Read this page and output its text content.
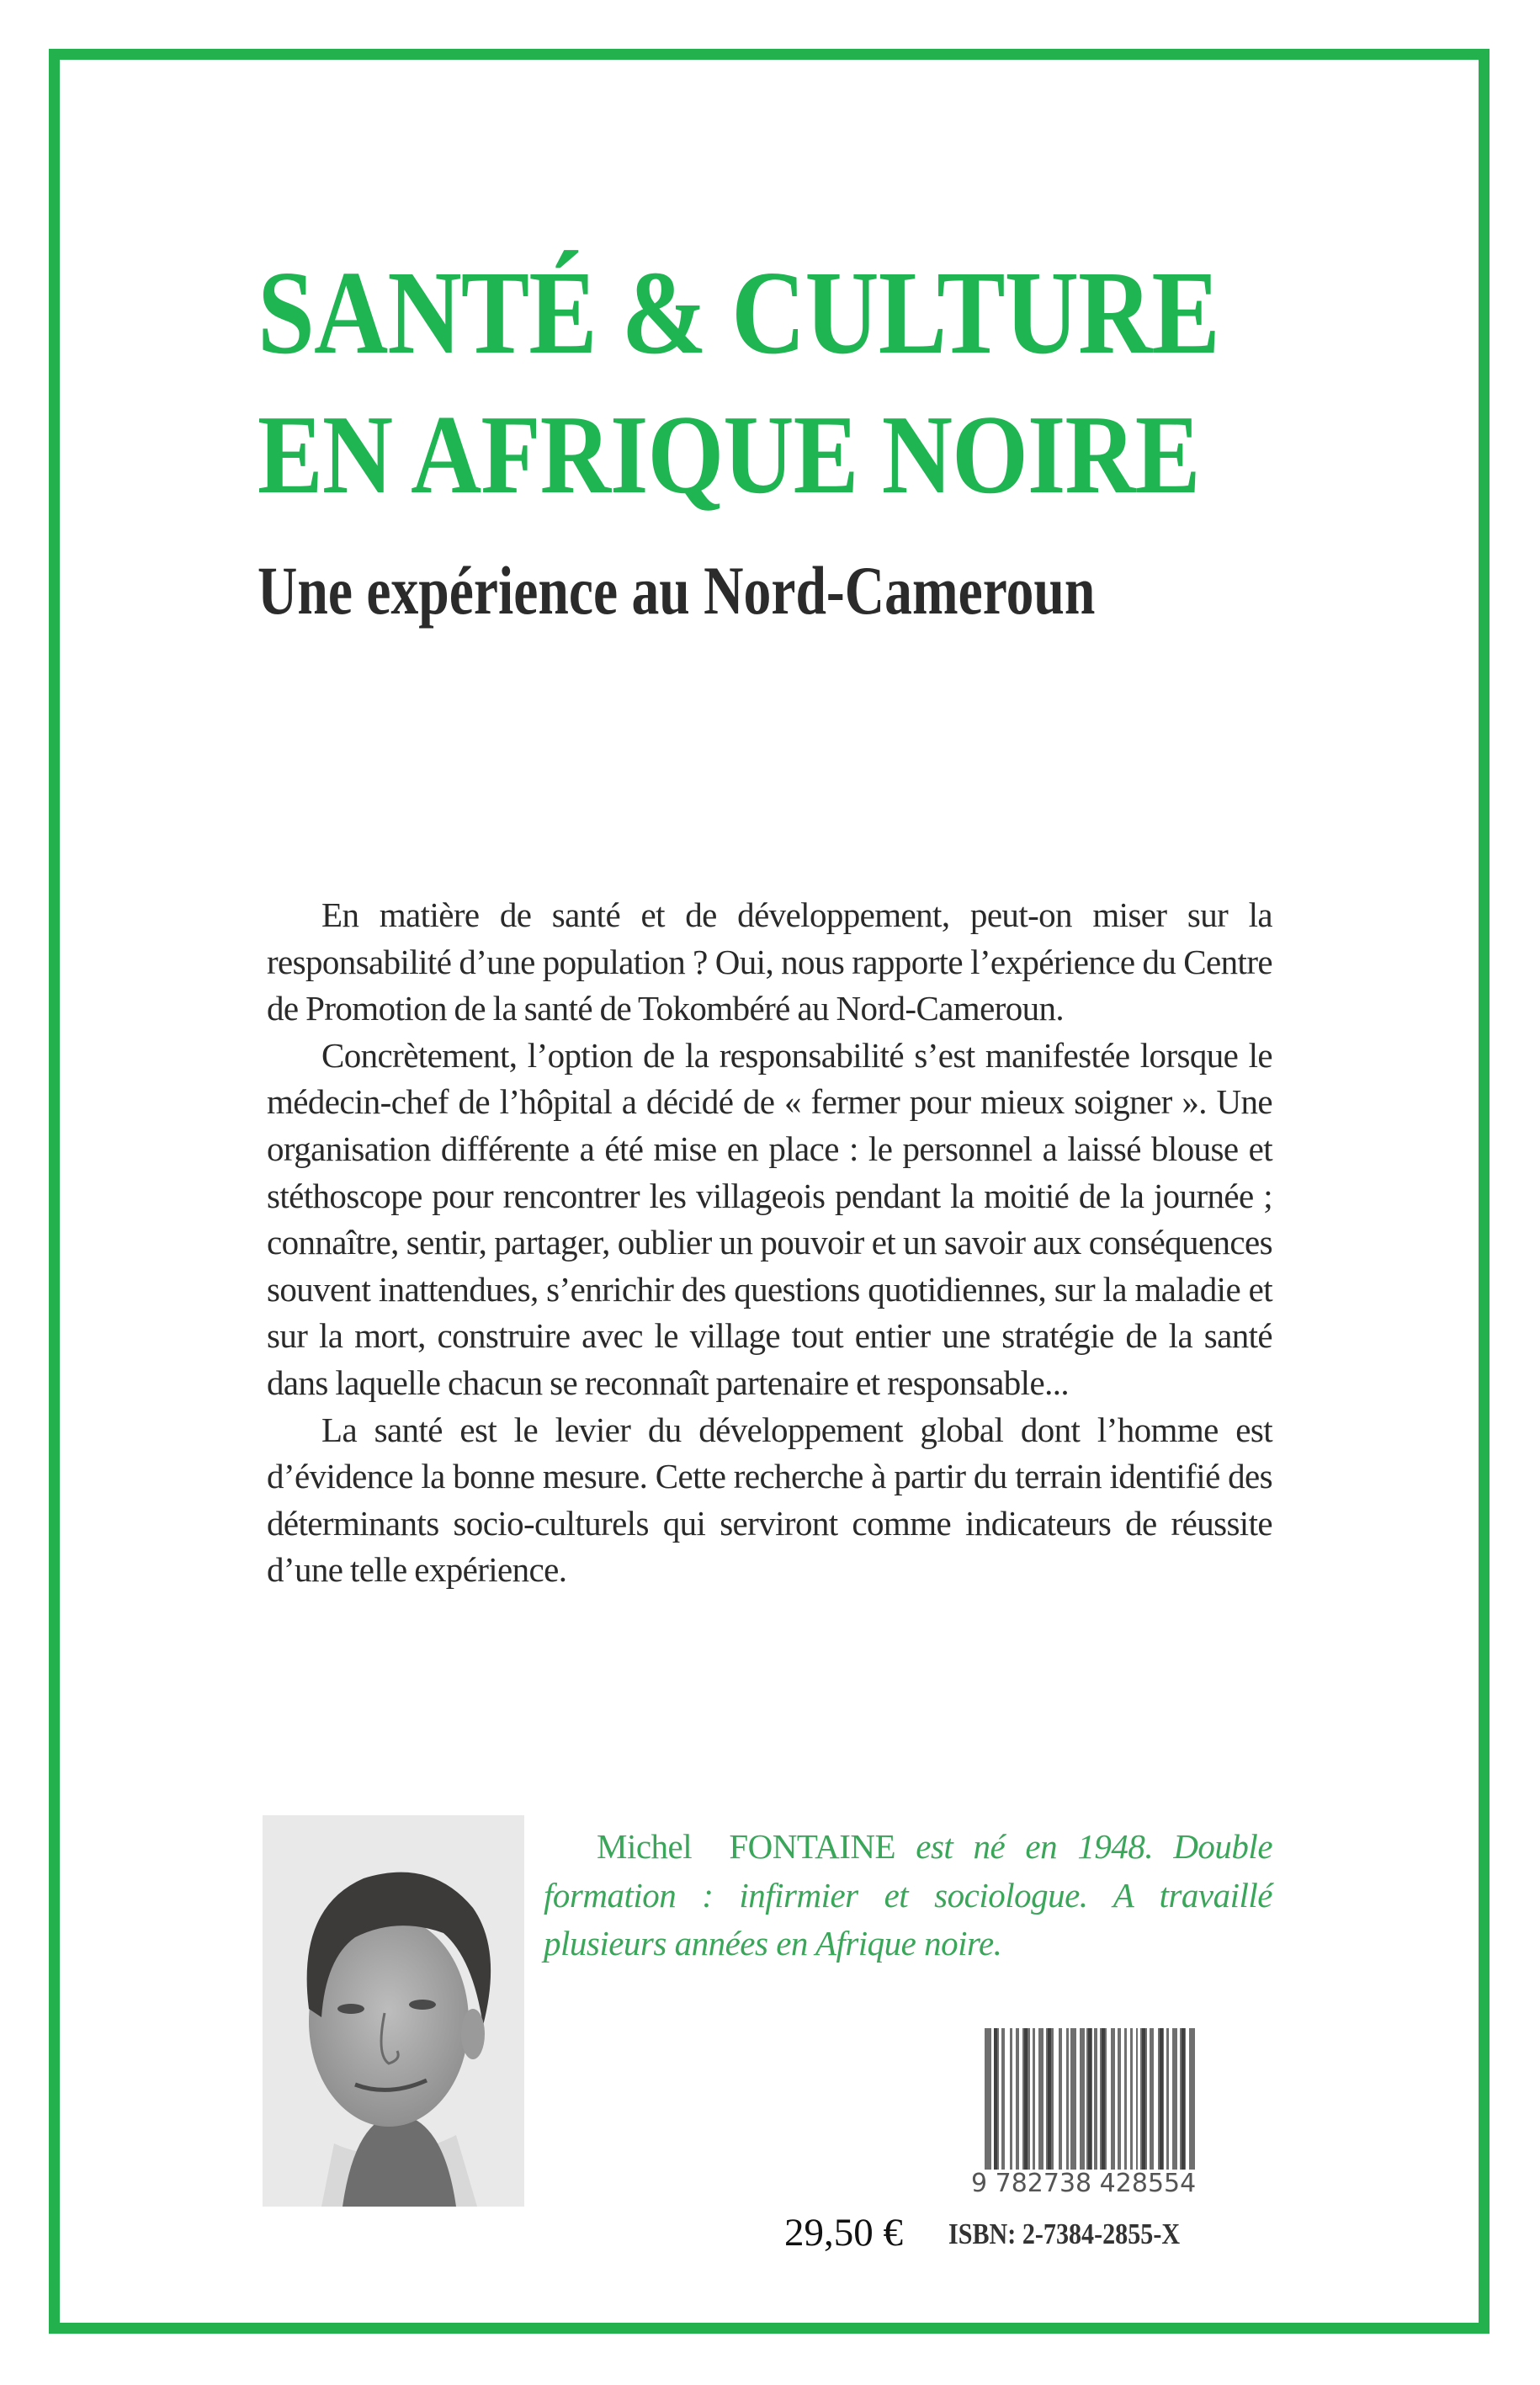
SANTÉ & CULTURE
EN AFRIQUE NOIRE
Une expérience au Nord-Cameroun

En matière de santé et de développement, peut-on miser sur la responsabilité d’une population ? Oui, nous rapporte l’expérience du Centre de Promotion de la santé de Tokombéré au Nord-Cameroun.

Concrètement, l’option de la responsabilité s’est manifestée lorsque le médecin-chef de l’hôpital a décidé de « fermer pour mieux soigner ». Une organisation différente a été mise en place : le personnel a laissé blouse et stéthoscope pour rencontrer les villageois pendant la moitié de la journée ; connaître, sentir, partager, oublier un pouvoir et un savoir aux conséquences souvent inattendues, s’enrichir des questions quotidiennes, sur la maladie et sur la mort, construire avec le village tout entier une stratégie de la santé dans laquelle chacun se reconnaît partenaire et responsable...

La santé est le levier du développement global dont l’homme est d’évidence la bonne mesure. Cette recherche à partir du terrain identifié des déterminants socio-culturels qui serviront comme indicateurs de réussite d’une telle expérience.

Michel FONTAINE est né en 1948. Double formation : infirmier et sociologue. A travaillé plusieurs années en Afrique noire.

9 782738 428554
29,50 € ISBN: 2-7384-2855-X
